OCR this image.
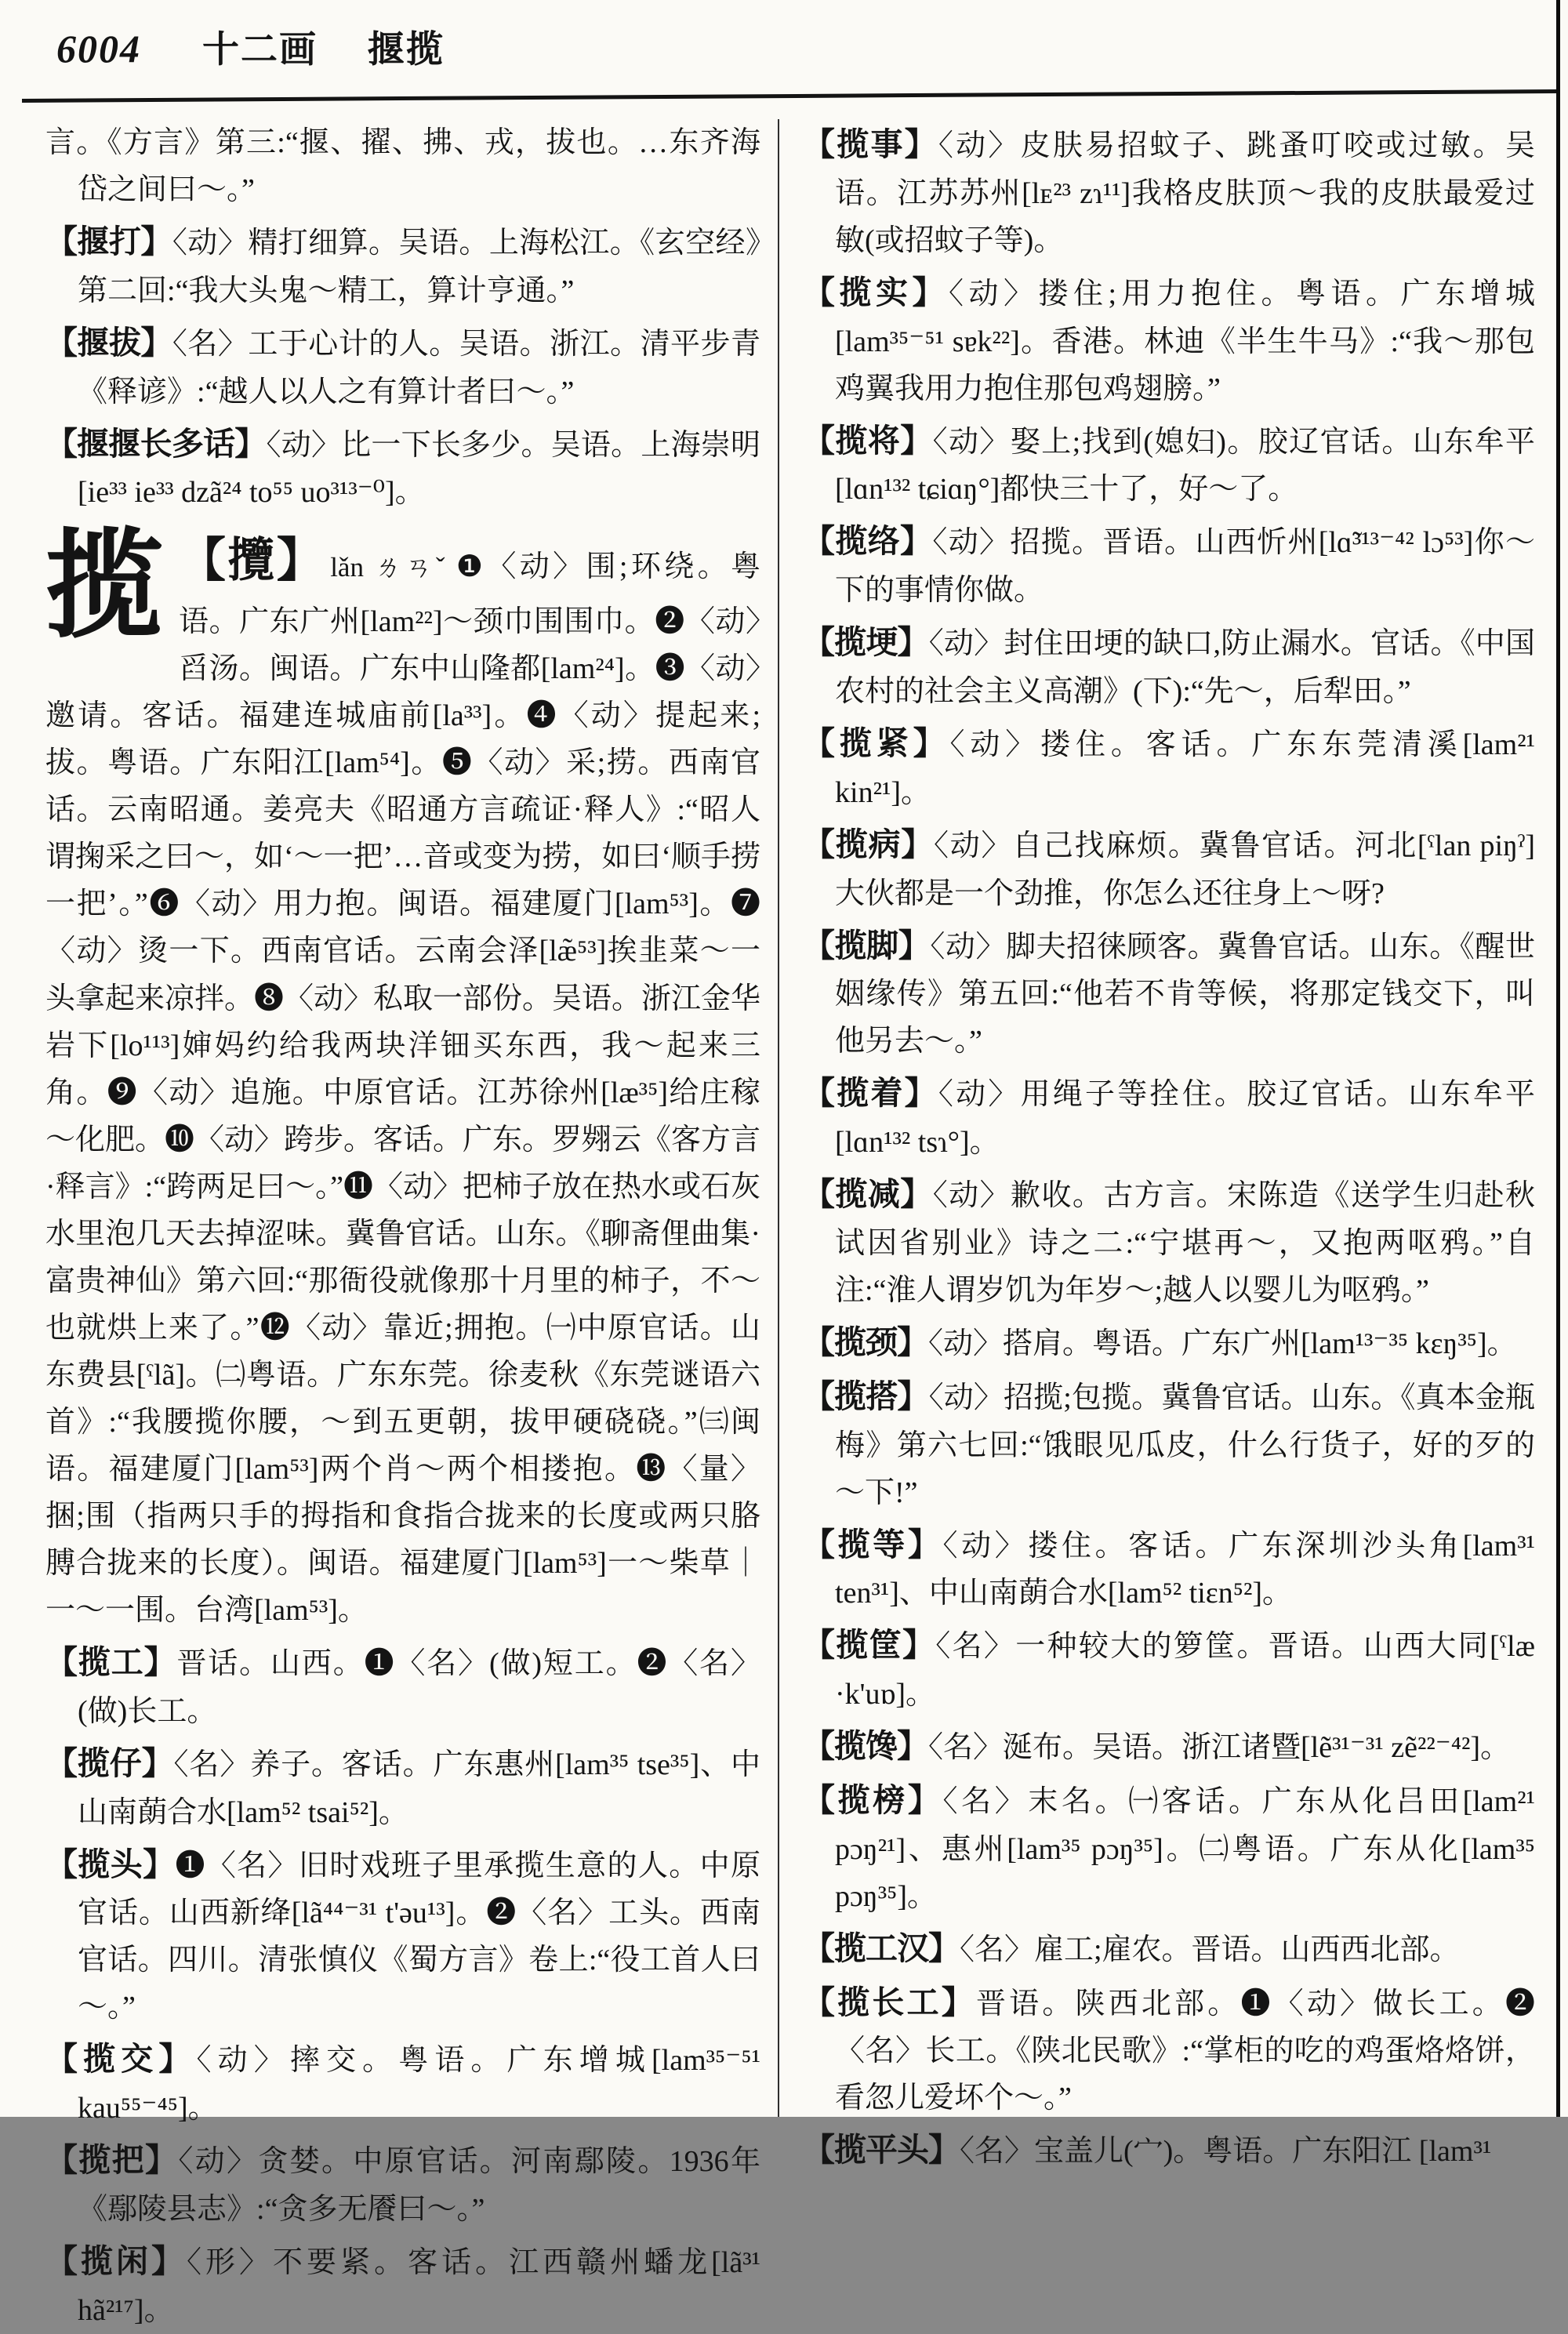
6004 十二画 揠揽

言。《方言》第三:“揠、擢、拂、戎，拔也。…东齐海岱之间曰～。”

【揠打】〈动〉精打细算。吴语。上海松江。《玄空经》第二回:“我大头鬼～精工，算计亨通。”

【揠拔】〈名〉工于心计的人。吴语。浙江。清平步青《释谚》:“越人以人之有算计者曰～。”

【揠揠长多话】〈动〉比一下长多少。吴语。上海崇明[ie³³ ie³³ dzã²⁴ to⁵⁵ uo³¹³⁻⁰]。

揽 【攬】 lǎn ㄌㄢˇ ❶〈动〉围;环绕。粤语。广东广州[lam²²]～颈巾围围巾。❷〈动〉舀汤。闽语。广东中山隆都[lam²⁴]。❸〈动〉邀请。客话。福建连城庙前[la³³]。❹〈动〉提起来;拔。粤语。广东阳江[lam⁵⁴]。❺〈动〉采;捞。西南官话。云南昭通。姜亮夫《昭通方言疏证·释人》:“昭人谓掬采之曰～，如‘～一把’…音或变为捞，如曰‘顺手捞一把’。”❻〈动〉用力抱。闽语。福建厦门[lam⁵³]。❼〈动〉烫一下。西南官话。云南会泽[læ̃⁵³]挨韭菜～一头拿起来凉拌。❽〈动〉私取一部份。吴语。浙江金华岩下[lo¹¹³]婶妈约给我两块洋钿买东西，我～起来三角。❾〈动〉追施。中原官话。江苏徐州[læ³⁵]给庄稼～化肥。❿〈动〉跨步。客话。广东。罗翙云《客方言·释言》:“跨两足曰～。”⓫〈动〉把柿子放在热水或石灰水里泡几天去掉涩味。冀鲁官话。山东。《聊斋俚曲集·富贵神仙》第六回:“那衙役就像那十月里的柿子，不～也就烘上来了。”⓬〈动〉靠近;拥抱。㈠中原官话。山东费县[ˤlã]。㈡粤语。广东东莞。徐麦秋《东莞谜语六首》:“我腰揽你腰，～到五更朝，拔甲硬硗硗。”㈢闽语。福建厦门[lam⁵³]两个肖～两个相搂抱。⓭〈量〉捆;围（指两只手的拇指和食指合拢来的长度或两只胳膊合拢来的长度）。闽语。福建厦门[lam⁵³]一～柴草｜一～一围。台湾[lam⁵³]。

【揽工】晋话。山西。❶〈名〉(做)短工。❷〈名〉(做)长工。

【揽仔】〈名〉养子。客话。广东惠州[lam³⁵ tse³⁵]、中山南蓢合水[lam⁵² tsai⁵²]。

【揽头】❶〈名〉旧时戏班子里承揽生意的人。中原官话。山西新绛[lã⁴⁴⁻³¹ t'əu¹³]。❷〈名〉工头。西南官话。四川。清张慎仪《蜀方言》卷上:“役工首人曰～。”

【揽交】〈动〉摔交。粤语。广东增城[lam³⁵⁻⁵¹ kau⁵⁵⁻⁴⁵]。

【揽把】〈动〉贪婪。中原官话。河南鄢陵。1936年《鄢陵县志》:“贪多无餍曰～。”

【揽闲】〈形〉不要紧。客话。江西赣州蟠龙[lã³¹ hã²¹⁷]。

【揽事】〈动〉皮肤易招蚊子、跳蚤叮咬或过敏。吴语。江苏苏州[lᴇ²³ zɿ¹¹]我格皮肤顶～我的皮肤最爱过敏(或招蚊子等)。

【揽实】〈动〉搂住;用力抱住。粤语。广东增城[lam³⁵⁻⁵¹ sɐk²²]。香港。林迪《半生牛马》:“我～那包鸡翼我用力抱住那包鸡翅膀。”

【揽将】〈动〉娶上;找到(媳妇)。胶辽官话。山东牟平[lɑn¹³² tɕiɑŋ°]都快三十了，好～了。

【揽络】〈动〉招揽。晋语。山西忻州[lɑ̃³¹³⁻⁴² lɔ⁵³]你～下的事情你做。

【揽埂】〈动〉封住田埂的缺口,防止漏水。官话。《中国农村的社会主义高潮》(下):“先～，后犁田。”

【揽紧】〈动〉搂住。客话。广东东莞清溪[lam²¹ kin²¹]。

【揽病】〈动〉自己找麻烦。冀鲁官话。河北[ˤlan piŋˀ]大伙都是一个劲推，你怎么还往身上～呀?

【揽脚】〈动〉脚夫招徕顾客。冀鲁官话。山东。《醒世姻缘传》第五回:“他若不肯等候，将那定钱交下，叫他另去～。”

【揽着】〈动〉用绳子等拴住。胶辽官话。山东牟平[lɑn¹³² tsɿ°]。

【揽减】〈动〉歉收。古方言。宋陈造《送学生归赴秋试因省别业》诗之二:“宁堪再～，又抱两呕鸦。”自注:“淮人谓岁饥为年岁～;越人以婴儿为呕鸦。”

【揽颈】〈动〉搭肩。粤语。广东广州[lam¹³⁻³⁵ kɛŋ³⁵]。

【揽搭】〈动〉招揽;包揽。冀鲁官话。山东。《真本金瓶梅》第六七回:“饿眼见瓜皮，什么行货子，好的歹的～下!”

【揽等】〈动〉搂住。客话。广东深圳沙头角[lam³¹ ten³¹]、中山南蓢合水[lam⁵² tiɛn⁵²]。

【揽筐】〈名〉一种较大的箩筐。晋语。山西大同[ˤlæ ·k'uɒ]。

【揽馋】〈名〉涎布。吴语。浙江诸暨[lẽ³¹⁻³¹ zẽ²²⁻⁴²]。

【揽榜】〈名〉末名。㈠客话。广东从化吕田[lam²¹ pɔŋ²¹]、惠州[lam³⁵ pɔŋ³⁵]。㈡粤语。广东从化[lam³⁵ pɔŋ³⁵]。

【揽工汉】〈名〉雇工;雇农。晋语。山西西北部。

【揽长工】晋语。陕西北部。❶〈动〉做长工。❷〈名〉长工。《陕北民歌》:“掌柜的吃的鸡蛋烙烙饼，看忽儿爱坏个～。”

【揽平头】〈名〉宝盖儿(宀)。粤语。广东阳江 [lam³¹
